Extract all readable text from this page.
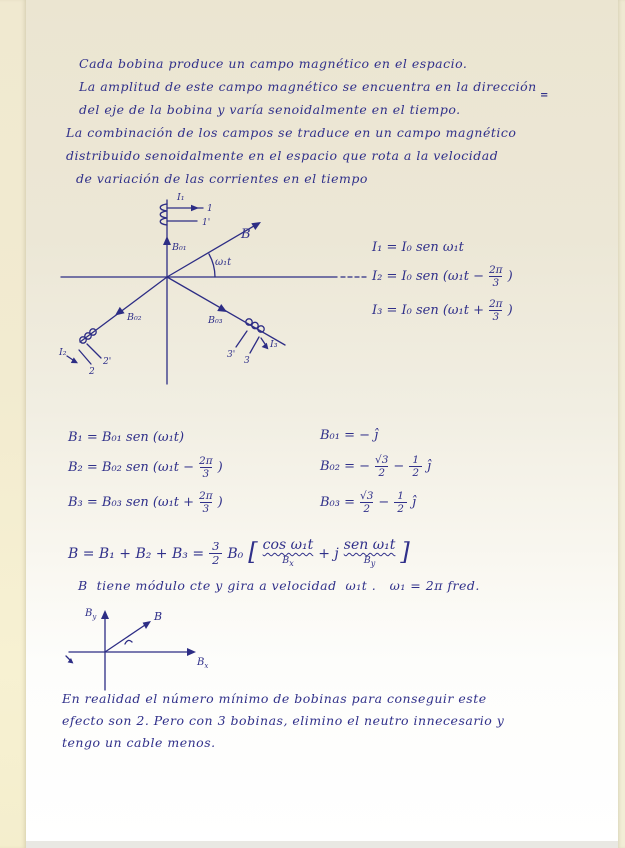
Cada bobina produce un campo magnético en el espacio.
La amplitud de este campo magnético se encuentra en la dirección
del eje de la bobina y varía senoidalmente en el tiempo.
La combinación de los campos se traduce en un campo magnético
distribuido senoidalmente en el espacio que rota a la velocidad
de variación de las corrientes en el tiempo
B
ω₁t
B₀₁
I₁
1
1'
B₀₂
I₂
2'
2
B₀₃
I₃
3'
3
I₁ = I₀ sen ω₁t
I₂ = I₀ sen ($\omega_1t - \frac{2\pi}{3}$ )
I₃ = I₀ sen ($\omega_1t + \frac{2\pi}{3}$ )
B₁ = B₀₁ sen (ω₁t)
B₂ = B₀₂ sen ($\omega_1t - \frac{2\pi}{3}$ )
B₃ = B₀₃ sen ($\omega_1t + \frac{2\pi}{3}$ )
B₀₁ = − ĵ
B₀₂ = − $\frac{√3}{2} - \frac{1}{2}$ ĵ
$B_{03} = \frac{√3}{2} - \frac{1}{2}$ ĵ
$B = B_1 + B_2 + B_3 = \frac{3}{2} B_0$ [ cos ω₁t
$B_x$
+ j
sen ω₁t
$B_y$ ]
B  tiene módulo cte y gira a velocidad  ω₁t .   ω₁ = 2π fred.
$B_y$
$B_x$
B
En realidad el número mínimo de bobinas para conseguir este
efecto son 2. Pero con 3 bobinas, elimino el neutro innecesario y
tengo un cable menos.
=
